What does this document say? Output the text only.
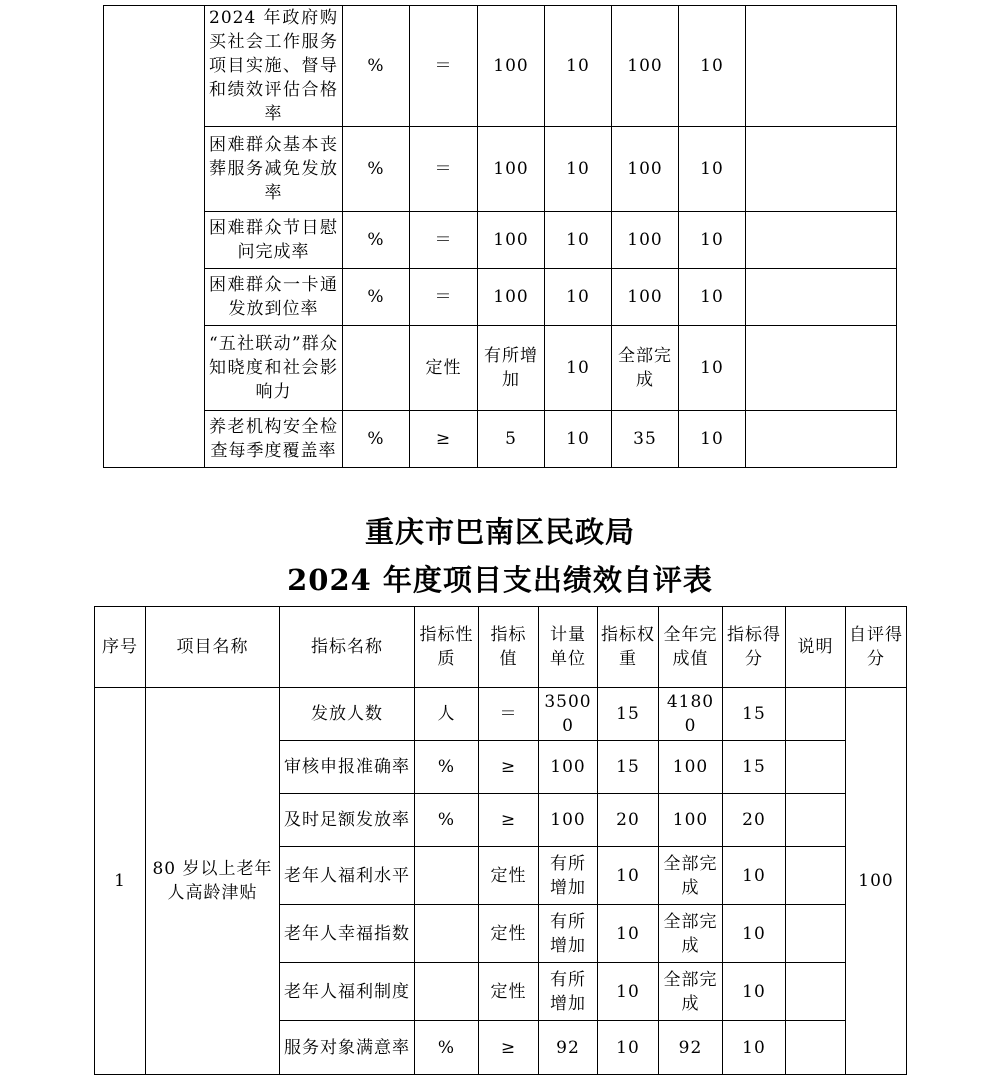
	2024 年政府购买社会工作服务项目实施、督导和绩效评估合格率	%	＝	100	10	100	10	
	困难群众基本丧葬服务减免发放率	%	＝	100	10	100	10	
	困难群众节日慰问完成率	%	＝	100	10	100	10	
	困难群众一卡通发放到位率	%	＝	100	10	100	10	
	“五社联动”群众知晓度和社会影响力		定性	有所增加	10	全部完成	10	
	养老机构安全检查每季度覆盖率	%	≥	5	10	35	10	
重庆市巴南区民政局
2024 年度项目支出绩效自评表
序号	项目名称	指标名称	指标性质	指标值	计量单位	指标权重	全年完成值	指标得分	说明	自评得分
1	80 岁以上老年人高龄津贴	发放人数	人	＝	35000	15	41800	15		100
		审核申报准确率	%	≥	100	15	100	15		
		及时足额发放率	%	≥	100	20	100	20		
		老年人福利水平		定性	有所增加	10	全部完成	10		
		老年人幸福指数		定性	有所增加	10	全部完成	10		
		老年人福利制度		定性	有所增加	10	全部完成	10		
		服务对象满意率	%	≥	92	10	92	10		
